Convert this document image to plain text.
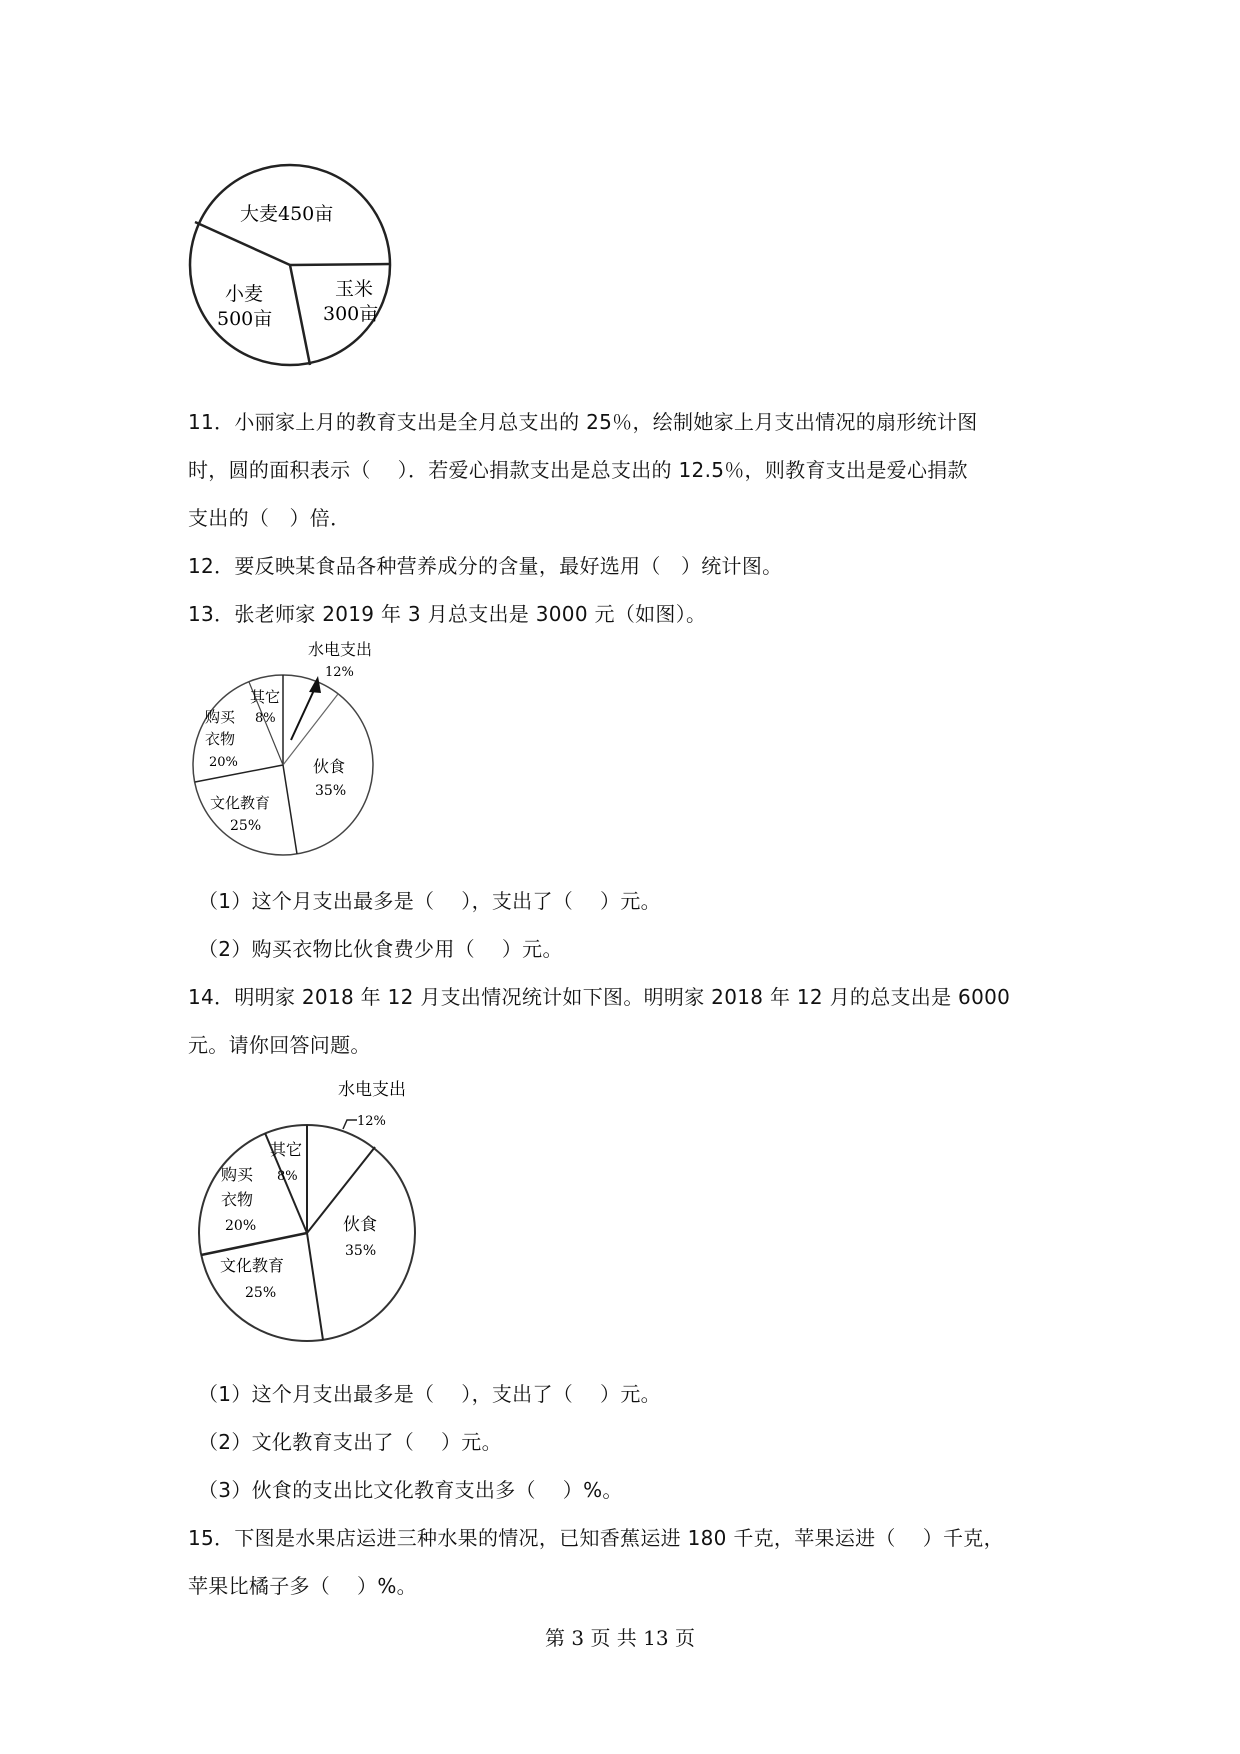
大麦450亩
小麦
500亩
玉米
300亩
11．小丽家上月的教育支出是全月总支出的 25％，绘制她家上月支出情况的扇形统计图
时，圆的面积表示（　 ）．若爱心捐款支出是总支出的 12.5％，则教育支出是爱心捐款
支出的（　）倍．
12．要反映某食品各种营养成分的含量，最好选用（　）统计图。
13．张老师家 2019 年 3 月总支出是 3000 元（如图）。
水电支出
12%
其它
8%
购买
衣物
20%	伙食
35%
文化教育
25%
（1）这个月支出最多是（　 ），支出了（　 ）元。
（2）购买衣物比伙食费少用（　 ）元。
14．明明家 2018 年 12 月支出情况统计如下图。明明家 2018 年 12 月的总支出是 6000
元。请你回答问题。
水电支出
12%
其它
8%
购买
衣物
20%	伙食
35%
文化教育
25%
（1）这个月支出最多是（　 ），支出了（　 ）元。
（2）文化教育支出了（　 ）元。
（3）伙食的支出比文化教育支出多（　 ）%。
15．下图是水果店运进三种水果的情况，已知香蕉运进 180 千克，苹果运进（　 ）千克，
苹果比橘子多（　 ）%。
第 3 页 共 13 页
